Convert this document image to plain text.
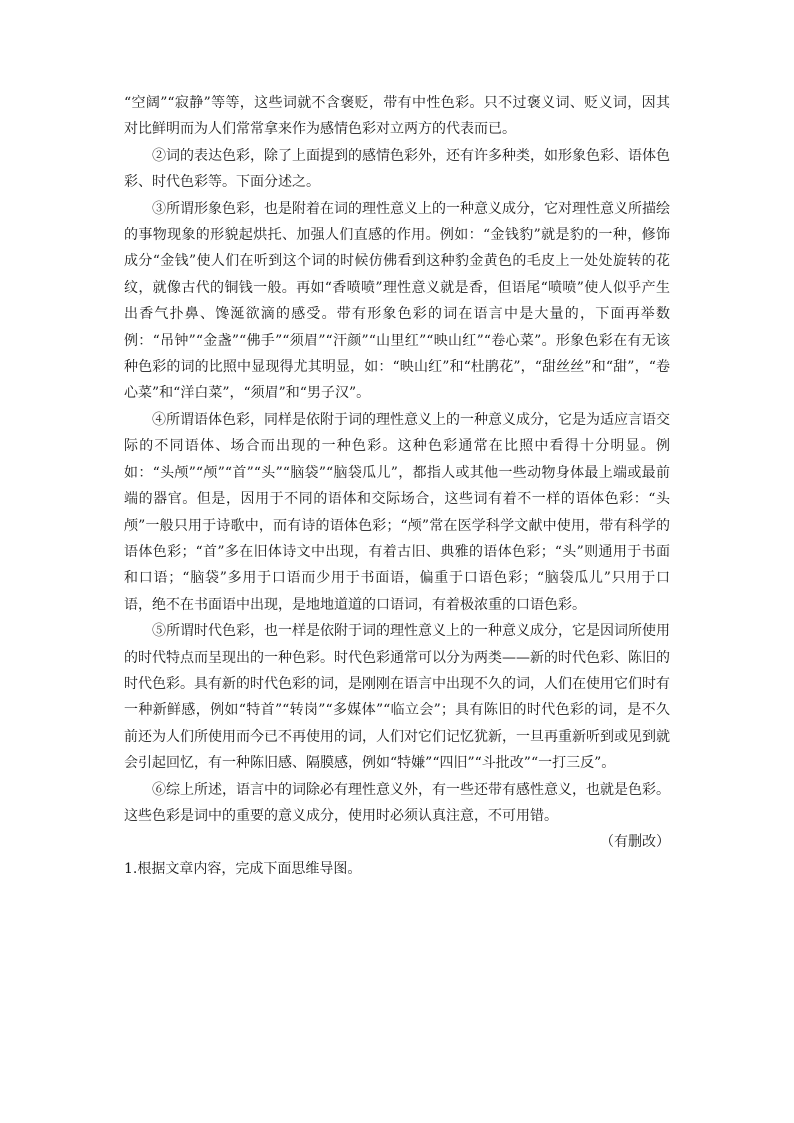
“空阔”“寂静”等等，这些词就不含褒贬，带有中性色彩。只不过褒义词、贬义词，因其对比鲜明而为人们常常拿来作为感情色彩对立两方的代表而已。

②词的表达色彩，除了上面提到的感情色彩外，还有许多种类，如形象色彩、语体色彩、时代色彩等。下面分述之。

③所谓形象色彩，也是附着在词的理性意义上的一种意义成分，它对理性意义所描绘的事物现象的形貌起烘托、加强人们直感的作用。例如：“金钱豹”就是豹的一种，修饰成分“金钱”使人们在听到这个词的时候仿佛看到这种豹金黄色的毛皮上一处处旋转的花纹，就像古代的铜钱一般。再如“香喷喷”理性意义就是香，但语尾“喷喷”使人似乎产生出香气扑鼻、馋涎欲滴的感受。带有形象色彩的词在语言中是大量的，下面再举数例：“吊钟”“金盏”“佛手”“须眉”“汗颜”“山里红”“映山红”“卷心菜”。形象色彩在有无该种色彩的词的比照中显现得尤其明显，如：“映山红”和“杜鹃花”，“甜丝丝”和“甜”，“卷心菜”和“洋白菜”，“须眉”和“男子汉”。

④所谓语体色彩，同样是依附于词的理性意义上的一种意义成分，它是为适应言语交际的不同语体、场合而出现的一种色彩。这种色彩通常在比照中看得十分明显。例如：“头颅”“颅”“首”“头”“脑袋”“脑袋瓜儿”，都指人或其他一些动物身体最上端或最前端的器官。但是，因用于不同的语体和交际场合，这些词有着不一样的语体色彩：“头颅”一般只用于诗歌中，而有诗的语体色彩；“颅”常在医学科学文献中使用，带有科学的语体色彩；“首”多在旧体诗文中出现，有着古旧、典雅的语体色彩；“头”则通用于书面和口语；“脑袋”多用于口语而少用于书面语，偏重于口语色彩；“脑袋瓜儿”只用于口语，绝不在书面语中出现，是地地道道的口语词，有着极浓重的口语色彩。

⑤所谓时代色彩，也一样是依附于词的理性意义上的一种意义成分，它是因词所使用的时代特点而呈现出的一种色彩。时代色彩通常可以分为两类——新的时代色彩、陈旧的时代色彩。具有新的时代色彩的词，是刚刚在语言中出现不久的词，人们在使用它们时有一种新鲜感，例如“特首”“转岗”“多媒体”“临立会”；具有陈旧的时代色彩的词，是不久前还为人们所使用而今已不再使用的词，人们对它们记忆犹新，一旦再重新听到或见到就会引起回忆，有一种陈旧感、隔膜感，例如“特嫌”“四旧”“斗批改”“一打三反”。

⑥综上所述，语言中的词除必有理性意义外，有一些还带有感性意义，也就是色彩。这些色彩是词中的重要的意义成分，使用时必须认真注意，不可用错。

（有删改）

1.根据文章内容，完成下面思维导图。
